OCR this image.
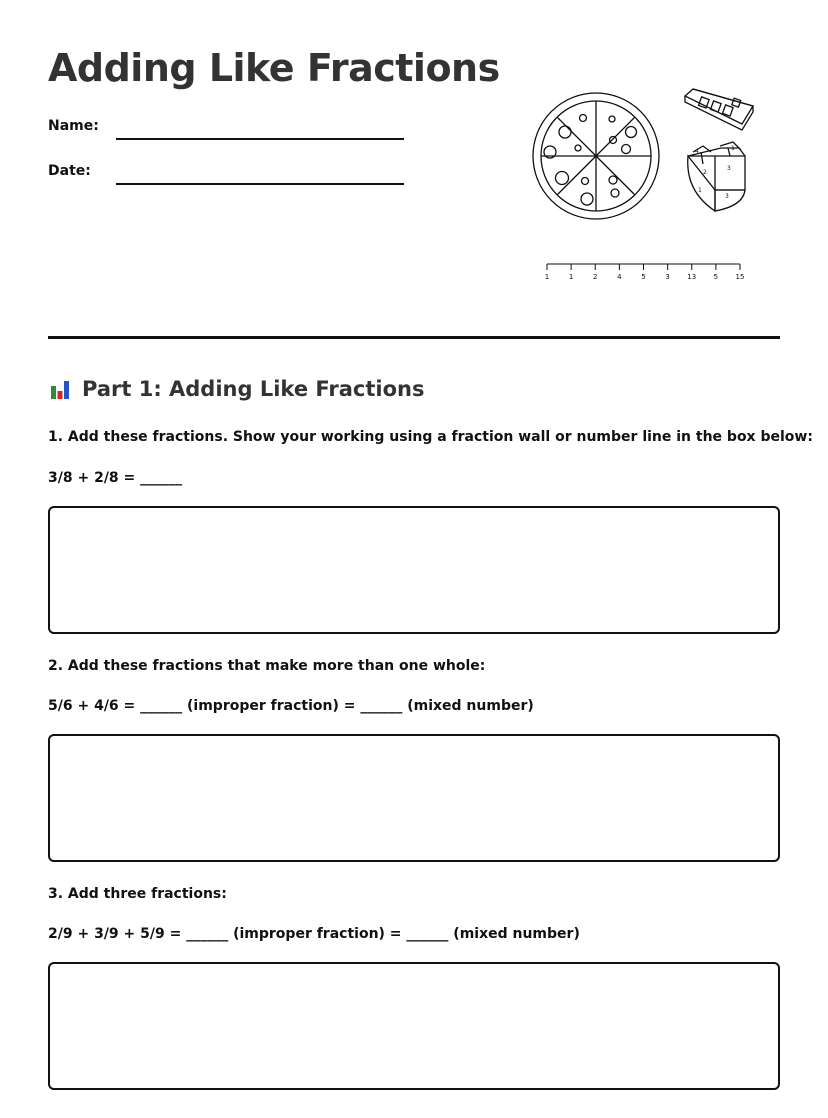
Adding Like Fractions
Name:
Date:
4	1
2
3
1
3
1	1	2	4	5	3 13 5 15
Part 1: Adding Like Fractions
1. Add these fractions. Show your working using a fraction wall or number line in the box below:
3/8 + 2/8 = ______
2. Add these fractions that make more than one whole:
5/6 + 4/6 = ______ (improper fraction) = ______ (mixed number)
3. Add three fractions:
2/9 + 3/9 + 5/9 = ______ (improper fraction) = ______ (mixed number)
